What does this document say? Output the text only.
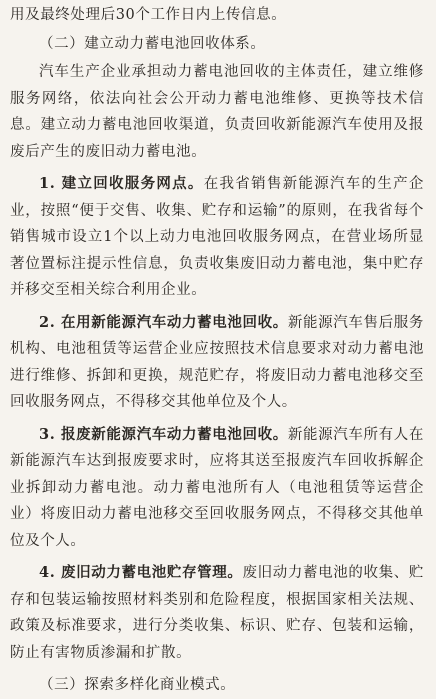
用及最终处理后30个工作日内上传信息。

（二）建立动力蓄电池回收体系。

汽车生产企业承担动力蓄电池回收的主体责任，建立维修服务网络，依法向社会公开动力蓄电池维修、更换等技术信息。建立动力蓄电池回收渠道，负责回收新能源汽车使用及报废后产生的废旧动力蓄电池。

1. 建立回收服务网点。在我省销售新能源汽车的生产企业，按照“便于交售、收集、贮存和运输”的原则，在我省每个销售城市设立1个以上动力电池回收服务网点，在营业场所显著位置标注提示性信息，负责收集废旧动力蓄电池，集中贮存并移交至相关综合利用企业。

2. 在用新能源汽车动力蓄电池回收。新能源汽车售后服务机构、电池租赁等运营企业应按照技术信息要求对动力蓄电池进行维修、拆卸和更换，规范贮存，将废旧动力蓄电池移交至回收服务网点，不得移交其他单位及个人。

3. 报废新能源汽车动力蓄电池回收。新能源汽车所有人在新能源汽车达到报废要求时，应将其送至报废汽车回收拆解企业拆卸动力蓄电池。动力蓄电池所有人（电池租赁等运营企业）将废旧动力蓄电池移交至回收服务网点，不得移交其他单位及个人。

4. 废旧动力蓄电池贮存管理。废旧动力蓄电池的收集、贮存和包装运输按照材料类别和危险程度，根据国家相关法规、政策及标准要求，进行分类收集、标识、贮存、包装和运输，防止有害物质渗漏和扩散。

（三）探索多样化商业模式。
